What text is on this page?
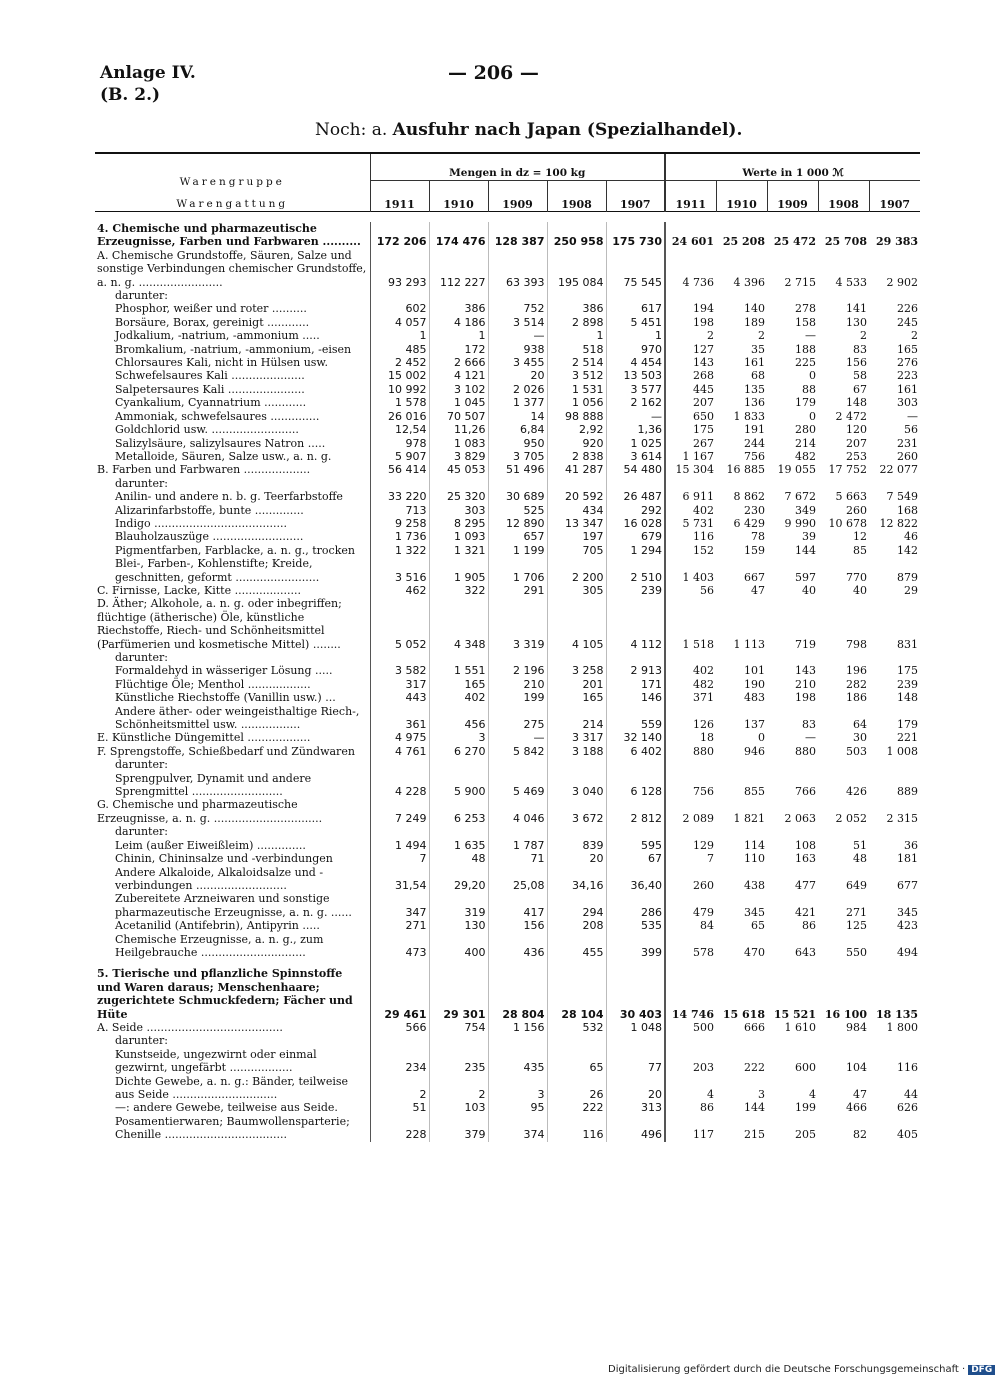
Anlage IV.
(B. 2.)
— 206 —
Noch: a. Ausfuhr nach Japan (Spezialhandel).

Warengruppe
Warengattung	Mengen in dz = 100 kg					Werte in 1 000 ℳ				
	1911	1910	1909	1908	1907	1911	1910	1909	1908	1907

4. Chemische und pharmazeutische Erzeugnisse, Farben und Farbwaren ..........	172 206	174 476	128 387	250 958	175 730	24 601	25 208	25 472	25 708	29 383
A. Chemische Grundstoffe, Säuren, Salze und sonstige Verbindungen chemischer Grundstoffe, a. n. g. ........................	93 293	112 227	63 393	195 084	75 545	4 736	4 396	2 715	4 533	2 902
darunter:										
Phosphor, weißer und roter ..........	602	386	752	386	617	194	140	278	141	226
Borsäure, Borax, gereinigt ............	4 057	4 186	3 514	2 898	5 451	198	189	158	130	245
Jodkalium, -natrium, -ammonium .....	1	1	—	1	1	2	2	—	2	2
Bromkalium, -natrium, -ammonium, -eisen	485	172	938	518	970	127	35	188	83	165
Chlorsaures Kali, nicht in Hülsen usw.	2 452	2 666	3 455	2 514	4 454	143	161	225	156	276
Schwefelsaures Kali .....................	15 002	4 121	20	3 512	13 503	268	68	0	58	223
Salpetersaures Kali ......................	10 992	3 102	2 026	1 531	3 577	445	135	88	67	161
Cyankalium, Cyannatrium ............	1 578	1 045	1 377	1 056	2 162	207	136	179	148	303
Ammoniak, schwefelsaures ..............	26 016	70 507	14	98 888	—	650	1 833	0	2 472	—
Goldchlorid usw. .........................	12,54	11,26	6,84	2,92	1,36	175	191	280	120	56
Salizylsäure, salizylsaures Natron .....	978	1 083	950	920	1 025	267	244	214	207	231
Metalloide, Säuren, Salze usw., a. n. g.	5 907	3 829	3 705	2 838	3 614	1 167	756	482	253	260
B. Farben und Farbwaren ...................	56 414	45 053	51 496	41 287	54 480	15 304	16 885	19 055	17 752	22 077
darunter:										
Anilin- und andere n. b. g. Teerfarbstoffe	33 220	25 320	30 689	20 592	26 487	6 911	8 862	7 672	5 663	7 549
Alizarinfarbstoffe, bunte ..............	713	303	525	434	292	402	230	349	260	168
Indigo ......................................	9 258	8 295	12 890	13 347	16 028	5 731	6 429	9 990	10 678	12 822
Blauholzauszüge ..........................	1 736	1 093	657	197	679	116	78	39	12	46
Pigmentfarben, Farblacke, a. n. g., trocken	1 322	1 321	1 199	705	1 294	152	159	144	85	142
Blei-, Farben-, Kohlenstifte; Kreide, geschnitten, geformt ........................	3 516	1 905	1 706	2 200	2 510	1 403	667	597	770	879
C. Firnisse, Lacke, Kitte ...................	462	322	291	305	239	56	47	40	40	29
D. Äther; Alkohole, a. n. g. oder inbegriffen; flüchtige (ätherische) Öle, künstliche Riechstoffe, Riech- und Schönheitsmittel (Parfümerien und kosmetische Mittel) ........	5 052	4 348	3 319	4 105	4 112	1 518	1 113	719	798	831
darunter:										
Formaldehyd in wässeriger Lösung .....	3 582	1 551	2 196	3 258	2 913	402	101	143	196	175
Flüchtige Öle; Menthol ..................	317	165	210	201	171	482	190	210	282	239
Künstliche Riechstoffe (Vanillin usw.) ...	443	402	199	165	146	371	483	198	186	148
Andere äther- oder weingeisthaltige Riech-, Schönheitsmittel usw. .................	361	456	275	214	559	126	137	83	64	179
E. Künstliche Düngemittel ..................	4 975	3	—	3 317	32 140	18	0	—	30	221
F. Sprengstoffe, Schießbedarf und Zündwaren	4 761	6 270	5 842	3 188	6 402	880	946	880	503	1 008
darunter:										
Sprengpulver, Dynamit und andere Sprengmittel ..........................	4 228	5 900	5 469	3 040	6 128	756	855	766	426	889
G. Chemische und pharmazeutische Erzeugnisse, a. n. g. ...............................	7 249	6 253	4 046	3 672	2 812	2 089	1 821	2 063	2 052	2 315
darunter:										
Leim (außer Eiweißleim) ..............	1 494	1 635	1 787	839	595	129	114	108	51	36
Chinin, Chininsalze und -verbindungen	7	48	71	20	67	7	110	163	48	181
Andere Alkaloide, Alkaloidsalze und -verbindungen ..........................	31,54	29,20	25,08	34,16	36,40	260	438	477	649	677
Zubereitete Arzneiwaren und sonstige pharmazeutische Erzeugnisse, a. n. g. ......	347	319	417	294	286	479	345	421	271	345
Acetanilid (Antifebrin), Antipyrin .....	271	130	156	208	535	84	65	86	125	423
Chemische Erzeugnisse, a. n. g., zum Heilgebrauche ..............................	473	400	436	455	399	578	470	643	550	494

5. Tierische und pflanzliche Spinnstoffe und Waren daraus; Menschenhaare; zugerichtete Schmuckfedern; Fächer und Hüte	29 461	29 301	28 804	28 104	30 403	14 746	15 618	15 521	16 100	18 135
A. Seide .......................................	566	754	1 156	532	1 048	500	666	1 610	984	1 800
darunter:										
Kunstseide, ungezwirnt oder einmal gezwirnt, ungefärbt ..................	234	235	435	65	77	203	222	600	104	116
Dichte Gewebe, a. n. g.: Bänder, teilweise aus Seide ..............................	2	2	3	26	20	4	3	4	47	44
—: andere Gewebe, teilweise aus Seide.	51	103	95	222	313	86	144	199	466	626
Posamentierwaren; Baumwollensparterie; Chenille ...................................	228	379	374	116	496	117	215	205	82	405
Digitalisierung gefördert durch die Deutsche Forschungsgemeinschaft · DFG
